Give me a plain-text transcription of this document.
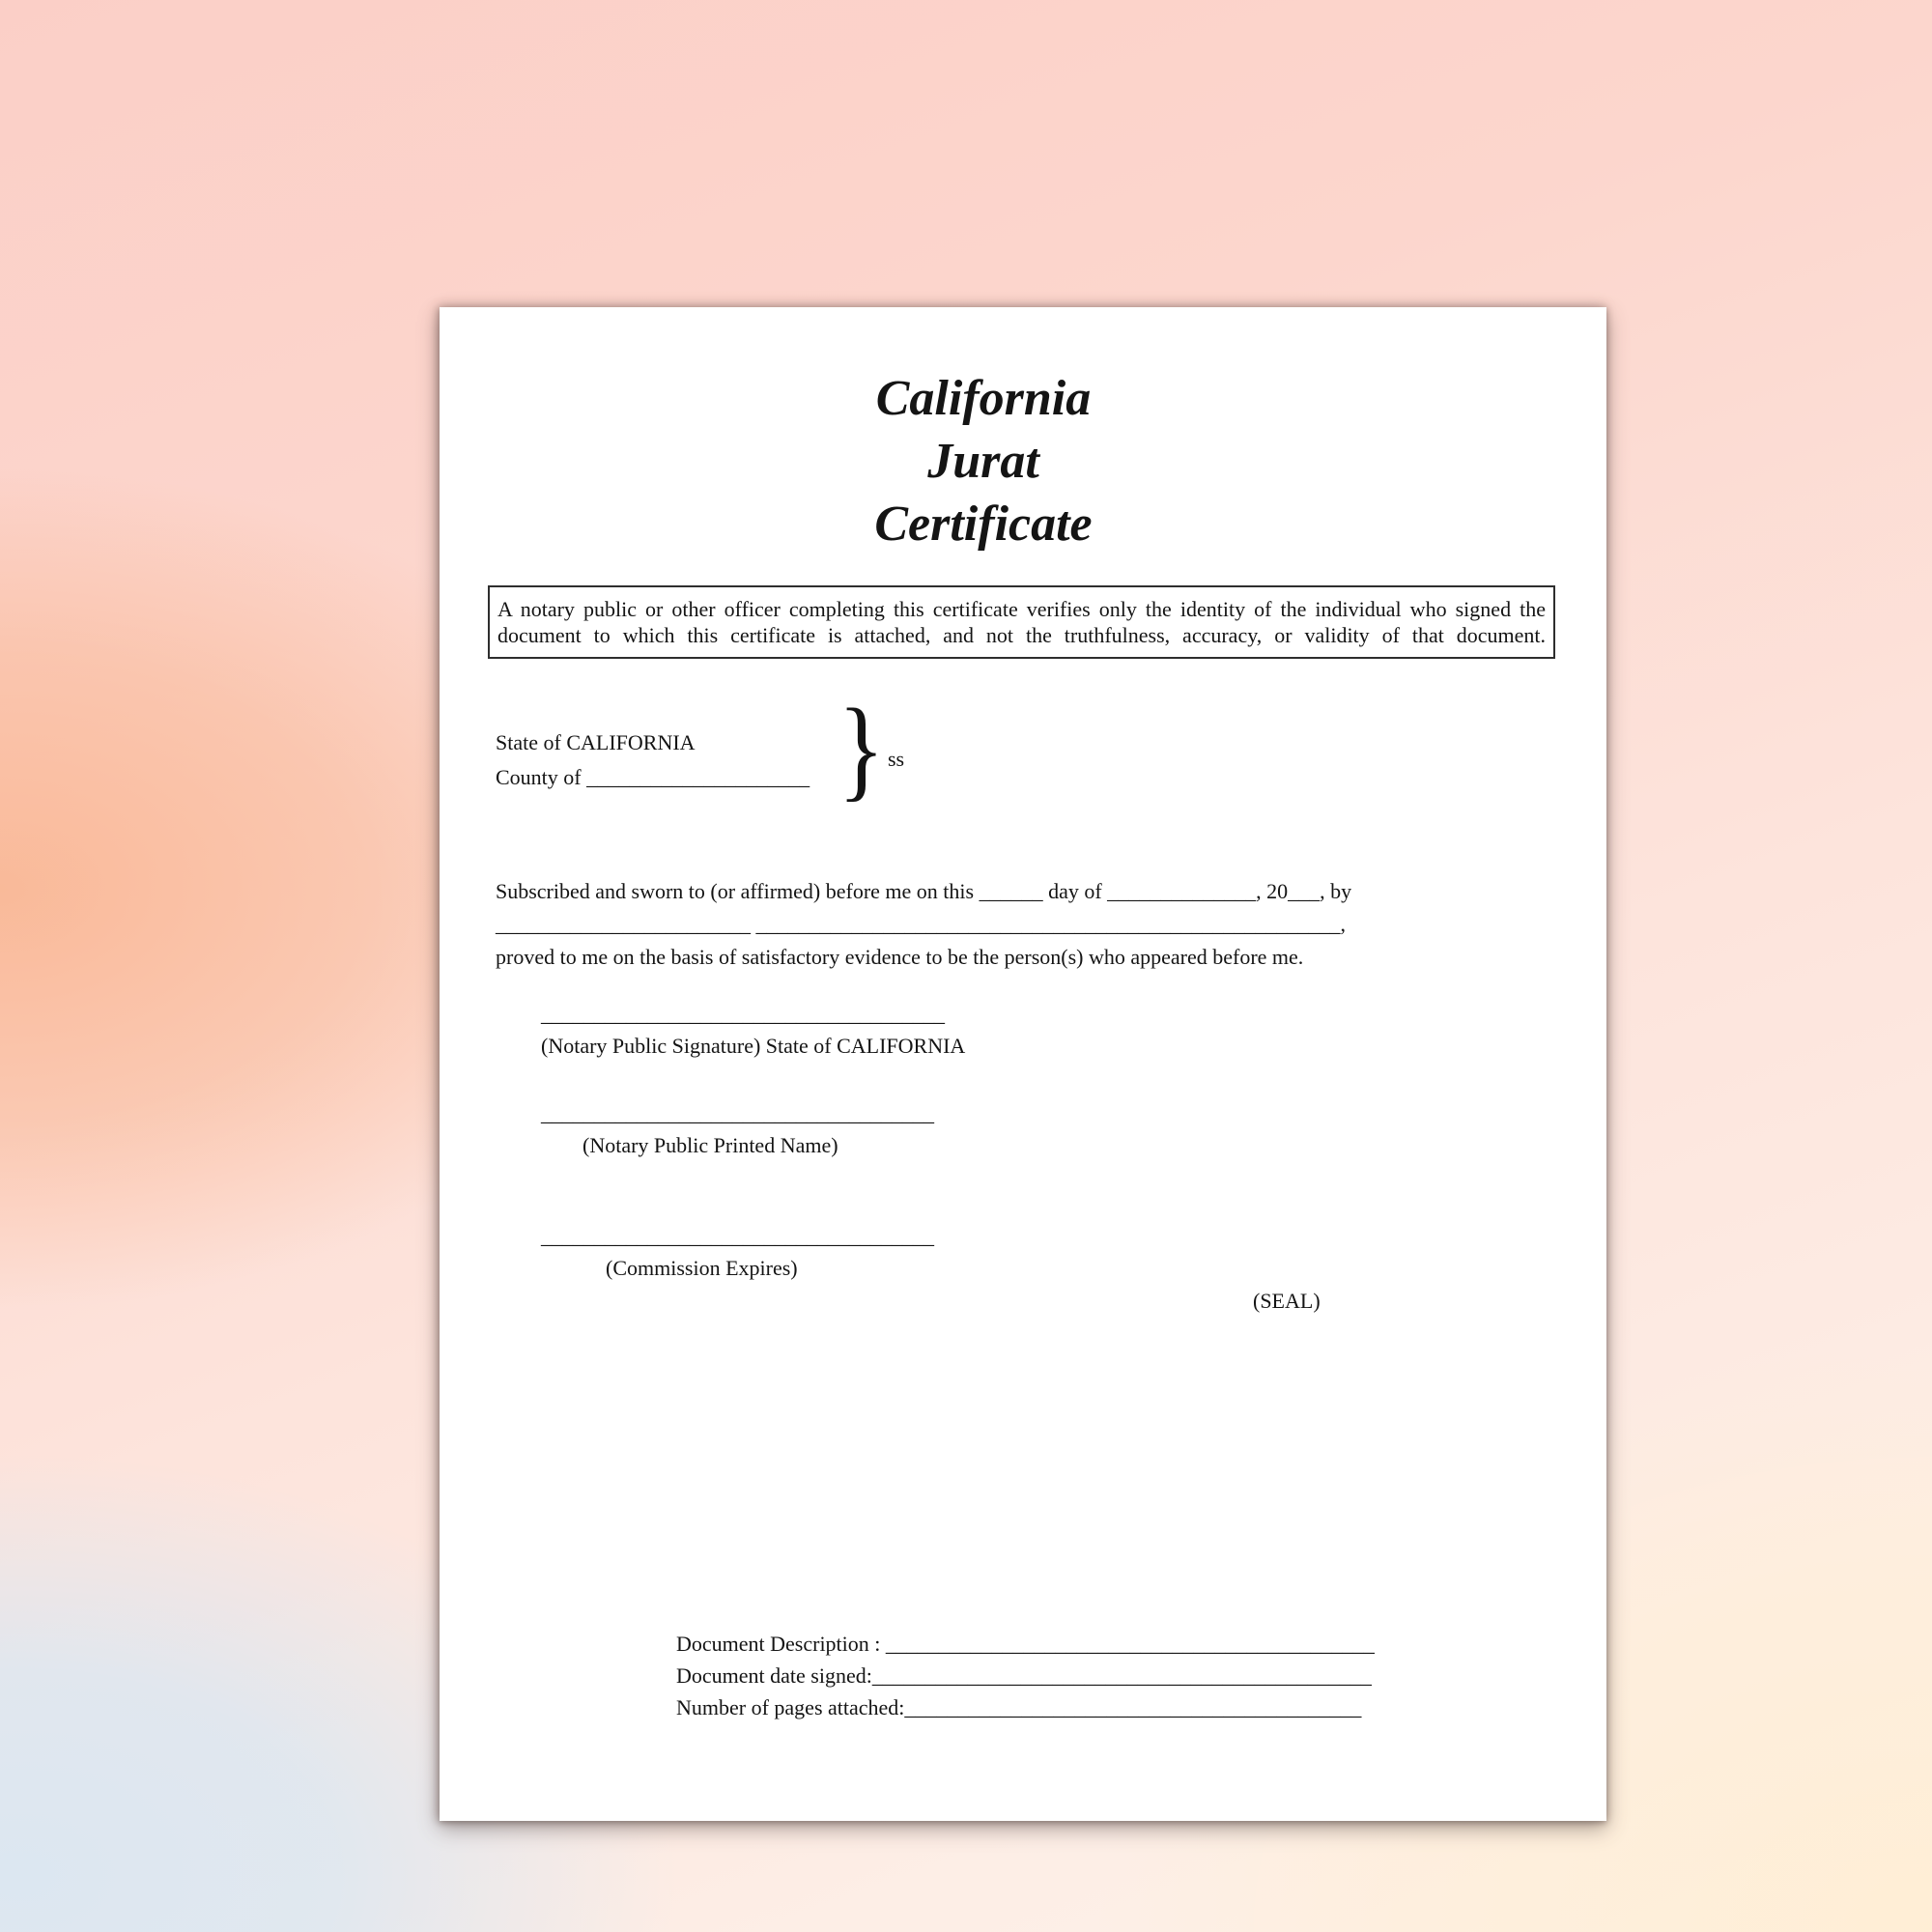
California
Jurat
Certificate
A notary public or other officer completing this certificate verifies only the identity of the individual who signed the document to which this certificate is attached, and not the truthfulness, accuracy, or validity of that document.
State of CALIFORNIA
County of _____________________ } ss
Subscribed and sworn to (or affirmed) before me on this ______ day of ______________, 20___, by
________________________ _______________________________________________________,
proved to me on the basis of satisfactory evidence to be the person(s) who appeared before me.
______________________________________
(Notary Public Signature) State of CALIFORNIA
_____________________________________
(Notary Public Printed Name)
_____________________________________
(Commission Expires)
(SEAL)
Document Description : ______________________________________________
Document date signed:_______________________________________________
Number of pages attached:___________________________________________
